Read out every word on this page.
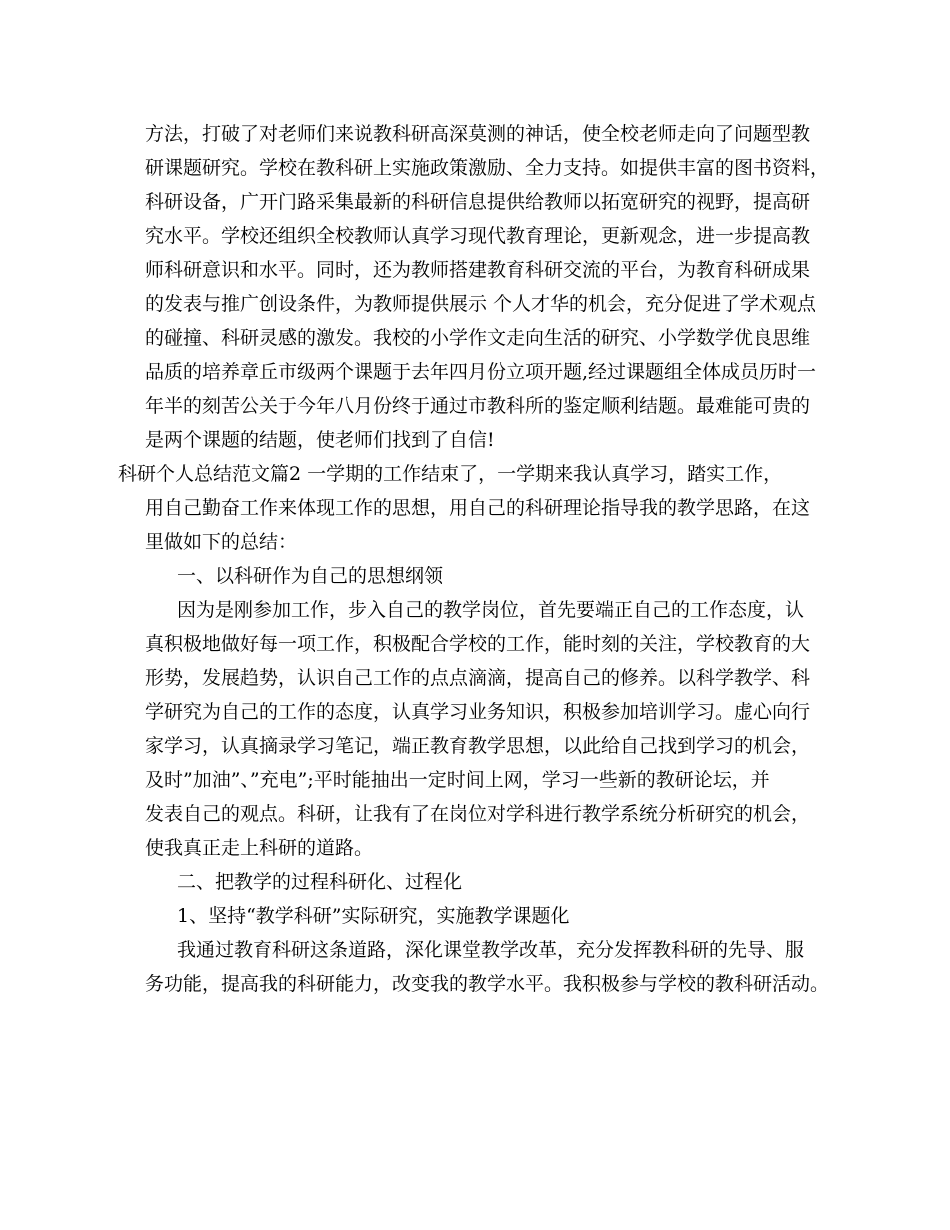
方法，打破了对老师们来说教科研高深莫测的神话，使全校老师走向了问题型教
研课题研究。学校在教科研上实施政策激励、全力支持。如提供丰富的图书资料，
科研设备，广开门路采集最新的科研信息提供给教师以拓宽研究的视野，提高研
究水平。学校还组织全校教师认真学习现代教育理论，更新观念，进一步提高教
师科研意识和水平。同时，还为教师搭建教育科研交流的平台，为教育科研成果
的发表与推广创设条件，为教师提供展示 个人才华的机会，充分促进了学术观点
的碰撞、科研灵感的激发。我校的小学作文走向生活的研究、小学数学优良思维
品质的培养章丘市级两个课题于去年四月份立项开题,经过课题组全体成员历时一
年半的刻苦公关于今年八月份终于通过市教科所的鉴定顺利结题。最难能可贵的
是两个课题的结题，使老师们找到了自信!
科研个人总结范文篇2 一学期的工作结束了，一学期来我认真学习，踏实工作，
用自己勤奋工作来体现工作的思想，用自己的科研理论指导我的教学思路，在这
里做如下的总结：
一、以科研作为自己的思想纲领
因为是刚参加工作，步入自己的教学岗位，首先要端正自己的工作态度，认
真积极地做好每一项工作，积极配合学校的工作，能时刻的关注，学校教育的大
形势，发展趋势，认识自己工作的点点滴滴，提高自己的修养。以科学教学、科
学研究为自己的工作的态度，认真学习业务知识，积极参加培训学习。虚心向行
家学习，认真摘录学习笔记，端正教育教学思想，以此给自己找到学习的机会，
及时”加油”、”充电”;平时能抽出一定时间上网，学习一些新的教研论坛，并
发表自己的观点。科研，让我有了在岗位对学科进行教学系统分析研究的机会，
使我真正走上科研的道路。
二、把教学的过程科研化、过程化
1、坚持“教学科研”实际研究，实施教学课题化
我通过教育科研这条道路，深化课堂教学改革，充分发挥教科研的先导、服
务功能，提高我的科研能力，改变我的教学水平。我积极参与学校的教科研活动。
